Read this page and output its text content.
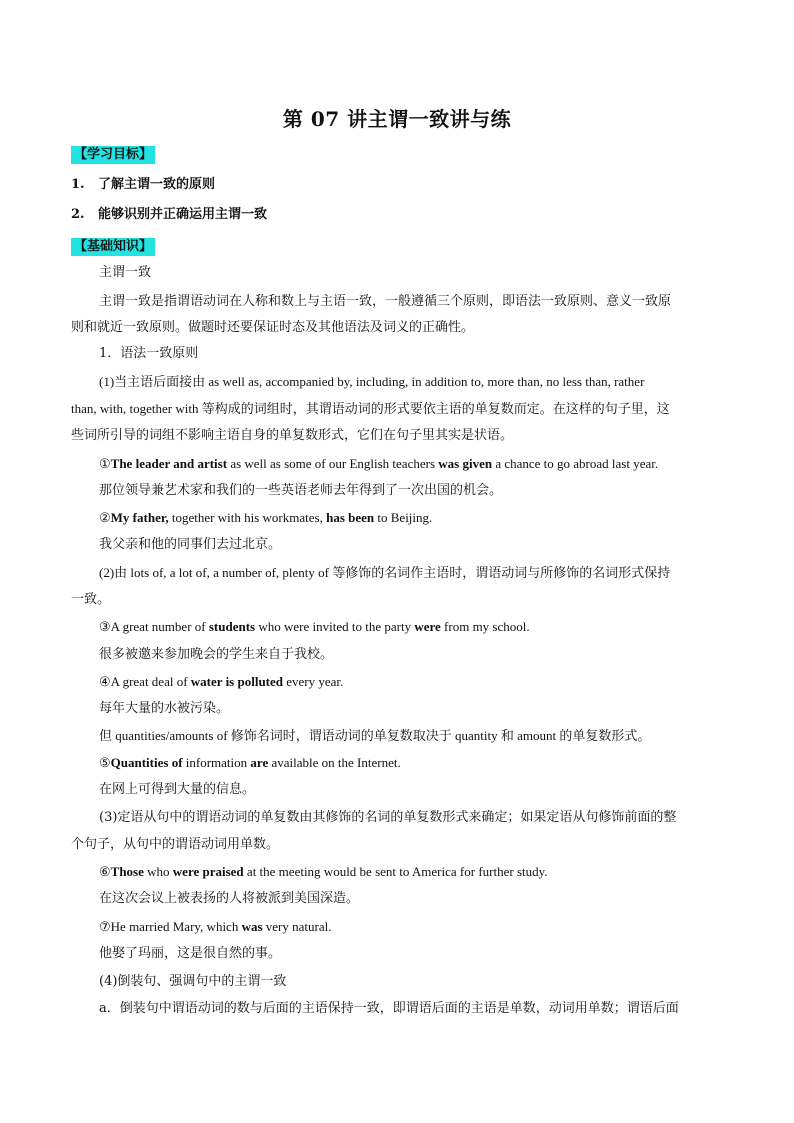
第 07 讲主谓一致讲与练
【学习目标】
1. 了解主谓一致的原则
2. 能够识别并正确运用主谓一致
【基础知识】
主谓一致
主谓一致是指谓语动词在人称和数上与主语一致，一般遵循三个原则，即语法一致原则、意义一致原
则和就近一致原则。做题时还要保证时态及其他语法及词义的正确性。
1．语法一致原则
(1)当主语后面接由 as well as, accompanied by, including, in addition to, more than, no less than, rather
than, with, together with 等构成的词组时，其谓语动词的形式要依主语的单复数而定。在这样的句子里，这
些词所引导的词组不影响主语自身的单复数形式，它们在句子里其实是状语。
①The leader and artist as well as some of our English teachers was given a chance to go abroad last year.
那位领导兼艺术家和我们的一些英语老师去年得到了一次出国的机会。
②My father, together with his workmates, has been to Beijing.
我父亲和他的同事们去过北京。
(2)由 lots of, a lot of, a number of, plenty of 等修饰的名词作主语时，谓语动词与所修饰的名词形式保持
一致。
③A great number of students who were invited to the party were from my school.
很多被邀来参加晚会的学生来自于我校。
④A great deal of water is polluted every year.
每年大量的水被污染。
但 quantities/amounts of 修饰名词时，谓语动词的单复数取决于 quantity 和 amount 的单复数形式。
⑤Quantities of information are available on the Internet.
在网上可得到大量的信息。
(3)定语从句中的谓语动词的单复数由其修饰的名词的单复数形式来确定；如果定语从句修饰前面的整
个句子，从句中的谓语动词用单数。
⑥Those who were praised at the meeting would be sent to America for further study.
在这次会议上被表扬的人将被派到美国深造。
⑦He married Mary, which was very natural.
他娶了玛丽，这是很自然的事。
(4)倒装句、强调句中的主谓一致
a．倒装句中谓语动词的数与后面的主语保持一致，即谓语后面的主语是单数，动词用单数；谓语后面
